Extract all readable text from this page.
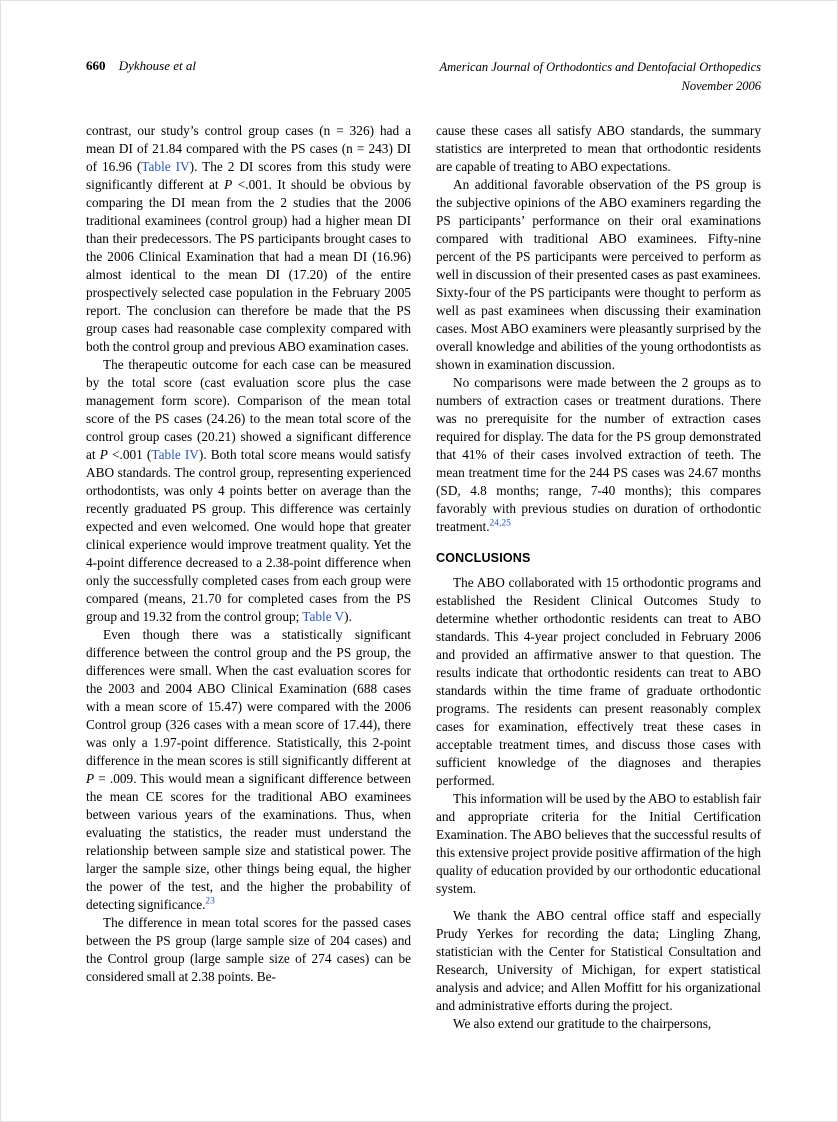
660 Dykhouse et al	American Journal of Orthodontics and Dentofacial Orthopedics
November 2006

contrast, our study’s control group cases (n = 326) had a mean DI of 21.84 compared with the PS cases (n = 243) DI of 16.96 (Table IV). The 2 DI scores from this study were significantly different at P <.001. It should be obvious by comparing the DI mean from the 2 studies that the 2006 traditional examinees (control group) had a higher mean DI than their predecessors. The PS participants brought cases to the 2006 Clinical Examination that had a mean DI (16.96) almost identical to the mean DI (17.20) of the entire prospectively selected case population in the February 2005 report. The conclusion can therefore be made that the PS group cases had reasonable case complexity compared with both the control group and previous ABO examination cases.

The therapeutic outcome for each case can be measured by the total score (cast evaluation score plus the case management form score). Comparison of the mean total score of the PS cases (24.26) to the mean total score of the control group cases (20.21) showed a significant difference at P <.001 (Table IV). Both total score means would satisfy ABO standards. The control group, representing experienced orthodontists, was only 4 points better on average than the recently graduated PS group. This difference was certainly expected and even welcomed. One would hope that greater clinical experience would improve treatment quality. Yet the 4-point difference decreased to a 2.38-point difference when only the successfully completed cases from each group were compared (means, 21.70 for completed cases from the PS group and 19.32 from the control group; Table V).

Even though there was a statistically significant difference between the control group and the PS group, the differences were small. When the cast evaluation scores for the 2003 and 2004 ABO Clinical Examination (688 cases with a mean score of 15.47) were compared with the 2006 Control group (326 cases with a mean score of 17.44), there was only a 1.97-point difference. Statistically, this 2-point difference in the mean scores is still significantly different at P = .009. This would mean a significant difference between the mean CE scores for the traditional ABO examinees between various years of the examinations. Thus, when evaluating the statistics, the reader must understand the relationship between sample size and statistical power. The larger the sample size, other things being equal, the higher the power of the test, and the higher the probability of detecting significance.$^{23}$

The difference in mean total scores for the passed cases between the PS group (large sample size of 204 cases) and the Control group (large sample size of 274 cases) can be considered small at 2.38 points. Be-

cause these cases all satisfy ABO standards, the summary statistics are interpreted to mean that orthodontic residents are capable of treating to ABO expectations.

An additional favorable observation of the PS group is the subjective opinions of the ABO examiners regarding the PS participants’ performance on their oral examinations compared with traditional ABO examinees. Fifty-nine percent of the PS participants were perceived to perform as well in discussion of their presented cases as past examinees. Sixty-four of the PS participants were thought to perform as well as past examinees when discussing their examination cases. Most ABO examiners were pleasantly surprised by the overall knowledge and abilities of the young orthodontists as shown in examination discussion.

No comparisons were made between the 2 groups as to numbers of extraction cases or treatment durations. There was no prerequisite for the number of extraction cases required for display. The data for the PS group demonstrated that 41% of their cases involved extraction of teeth. The mean treatment time for the 244 PS cases was 24.67 months (SD, 4.8 months; range, 7-40 months); this compares favorably with previous studies on duration of orthodontic treatment.$^{24,25}$

CONCLUSIONS

The ABO collaborated with 15 orthodontic programs and established the Resident Clinical Outcomes Study to determine whether orthodontic residents can treat to ABO standards. This 4-year project concluded in February 2006 and provided an affirmative answer to that question. The results indicate that orthodontic residents can treat to ABO standards within the time frame of graduate orthodontic programs. The residents can present reasonably complex cases for examination, effectively treat these cases in acceptable treatment times, and discuss those cases with sufficient knowledge of the diagnoses and therapies performed.

This information will be used by the ABO to establish fair and appropriate criteria for the Initial Certification Examination. The ABO believes that the successful results of this extensive project provide positive affirmation of the high quality of education provided by our orthodontic educational system.

We thank the ABO central office staff and especially Prudy Yerkes for recording the data; Lingling Zhang, statistician with the Center for Statistical Consultation and Research, University of Michigan, for expert statistical analysis and advice; and Allen Moffitt for his organizational and administrative efforts during the project.

We also extend our gratitude to the chairpersons,
